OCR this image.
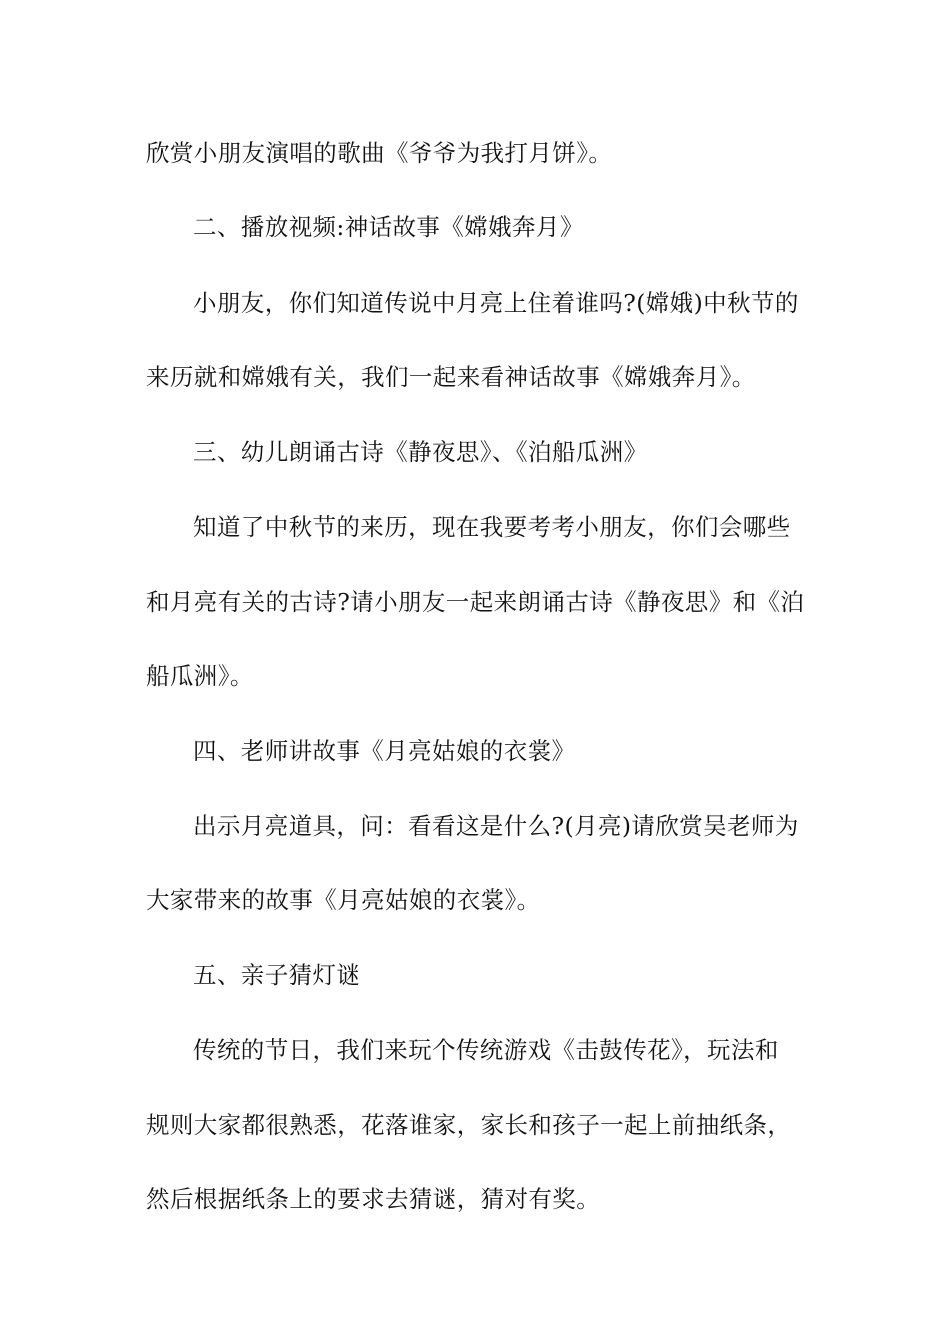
欣赏小朋友演唱的歌曲《爷爷为我打月饼》。
二、播放视频:神话故事《嫦娥奔月》
小朋友，你们知道传说中月亮上住着谁吗?(嫦娥)中秋节的
来历就和嫦娥有关，我们一起来看神话故事《嫦娥奔月》。
三、幼儿朗诵古诗《静夜思》、《泊船瓜洲》
知道了中秋节的来历，现在我要考考小朋友，你们会哪些
和月亮有关的古诗?请小朋友一起来朗诵古诗《静夜思》和《泊
船瓜洲》。
四、老师讲故事《月亮姑娘的衣裳》
出示月亮道具，问：看看这是什么?(月亮)请欣赏吴老师为
大家带来的故事《月亮姑娘的衣裳》。
五、亲子猜灯谜
传统的节日，我们来玩个传统游戏《击鼓传花》，玩法和
规则大家都很熟悉，花落谁家，家长和孩子一起上前抽纸条，
然后根据纸条上的要求去猜谜，猜对有奖。
